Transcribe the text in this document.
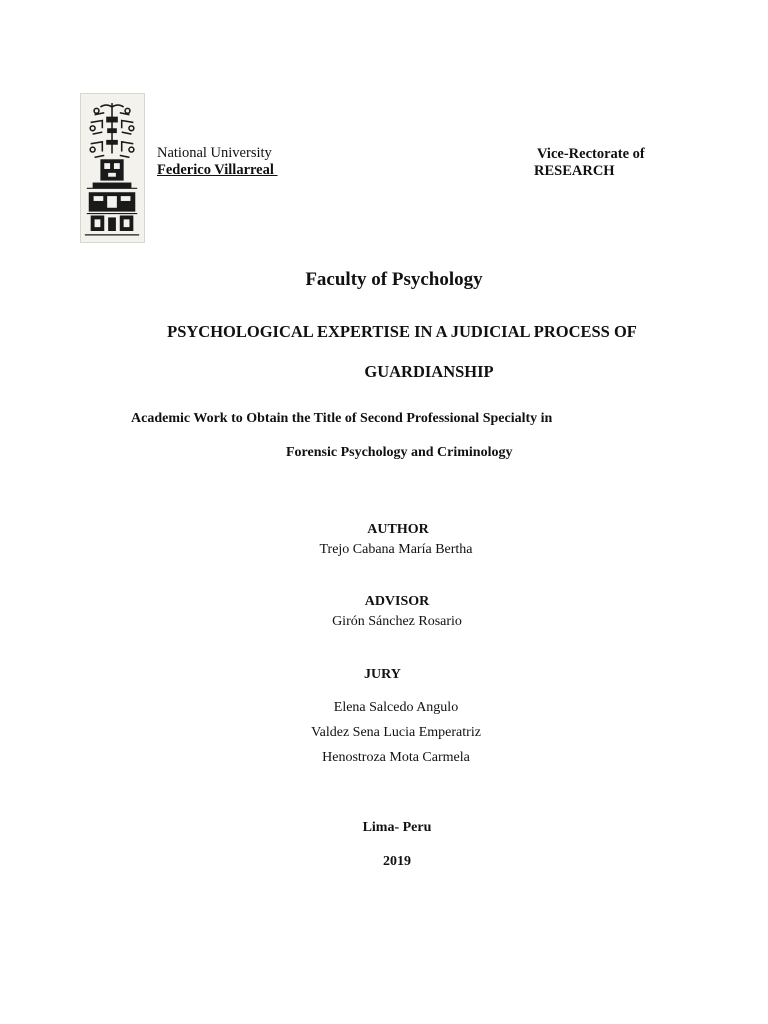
National University
Federico Villarreal
Vice-Rectorate of
RESEARCH
Faculty of Psychology
PSYCHOLOGICAL EXPERTISE IN A JUDICIAL PROCESS OF
GUARDIANSHIP
Academic Work to Obtain the Title of Second Professional Specialty in
Forensic Psychology and Criminology
AUTHOR
Trejo Cabana María Bertha
ADVISOR
Girón Sánchez Rosario
JURY
Elena Salcedo Angulo
Valdez Sena Lucia Emperatriz
Henostroza Mota Carmela
Lima- Peru
2019
